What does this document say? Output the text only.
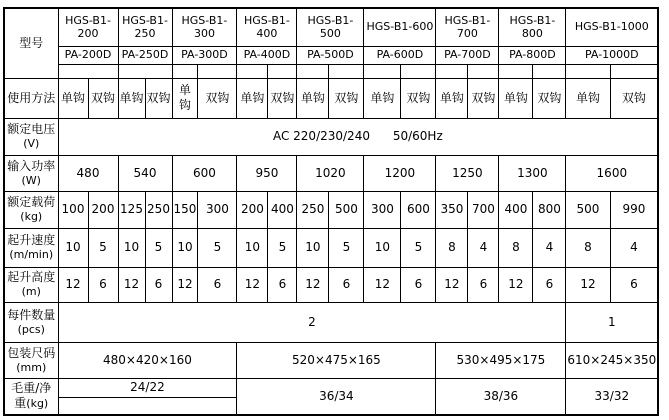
型号	HGS-B1-200		HGS-B1-250		HGS-B1-300		HGS-B1-400		HGS-B1-500		HGS-B1-600		HGS-B1-700		HGS-B1-800		HGS-B1-1000	
	PA-200D		PA-250D		PA-300D		PA-400D		PA-500D		PA-600D		PA-700D		PA-800D		PA-1000D	

使用方法	单钩	双钩	单钩	双钩	单钩	双钩	单钩	双钩	单钩	双钩	单钩	双钩	单钩	双钩	单钩	双钩	单钩	双钩
额定电压
(V)	AC 220/230/240      50/60Hz																	
输入功率
(W)	480		540		600		950		1020		1200		1250		1300		1600	
额定载荷
(kg)	100	200	125	250	150	300	200	400	250	500	300	600	350	700	400	800	500	990
起升速度
(m/min)	10	5	10	5	10	5	10	5	10	5	10	5	8	4	8	4	8	4
起升高度
(m)	12	6	12	6	12	6	12	6	12	6	12	6	12	6	12	6	12	6
每件数量
(pcs)	2																1	
包装尺码
(mm)	480×420×160						520×475×165						530×495×175				610×245×350	
毛重/净重(kg)	24/22						36/34						38/36				33/32	
